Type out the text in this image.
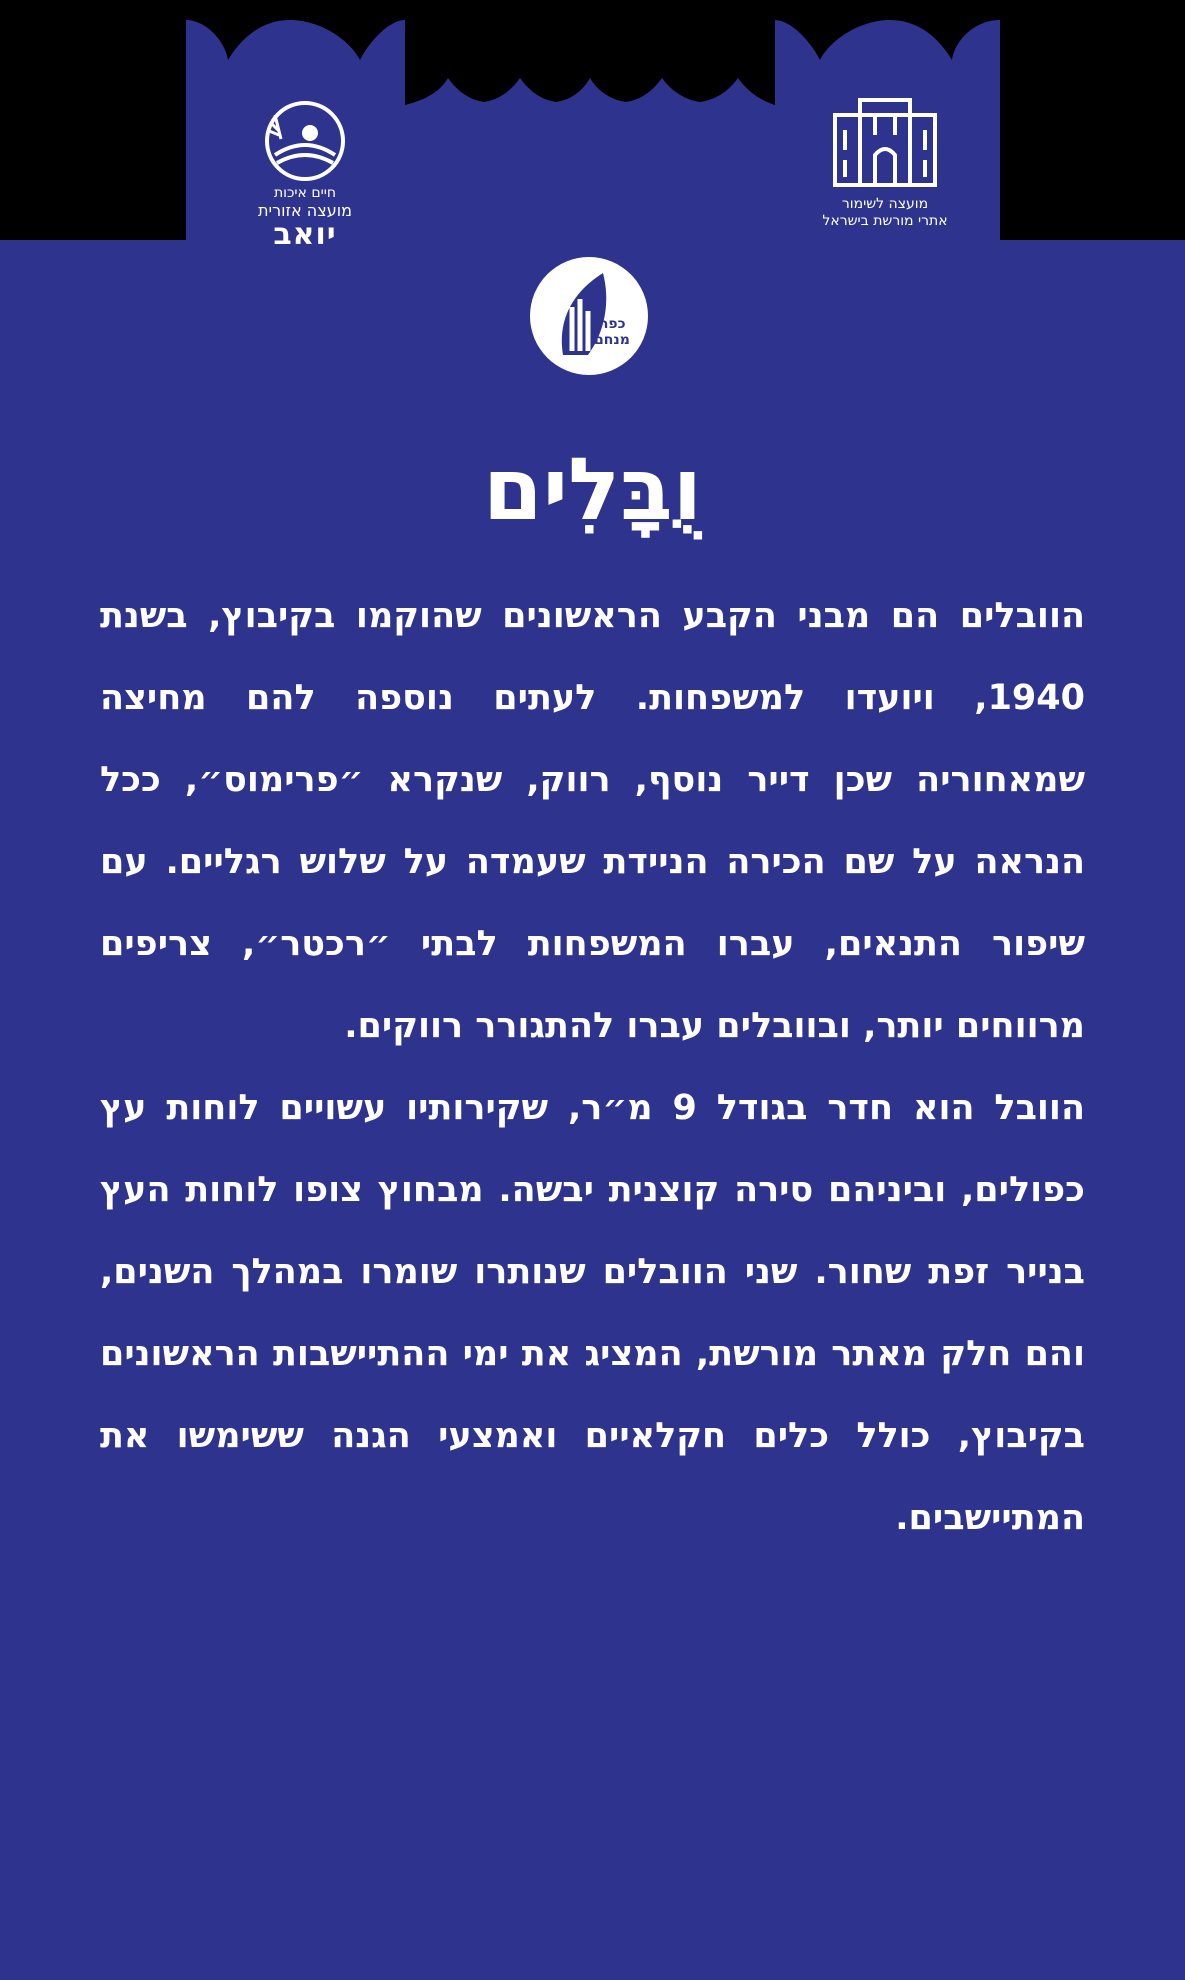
חיים איכות
מועצה אזורית
יואב
מועצה לשימור
אתרי מורשת בישראל
כפר
מנחם
וֻבָּלִים

הוובלים הם מבני הקבע הראשונים שהוקמו בקיבוץ, בשנת 1940, ויועדו למשפחות. לעתים נוספה להם מחיצה שמאחוריה שכן דייר נוסף, רווק, שנקרא ״פרימוס״, ככל הנראה על שם הכירה הניידת שעמדה על שלוש רגליים. עם שיפור התנאים, עברו המשפחות לבתי ״רכטר״, צריפים מרווחים יותר, ובוובלים עברו להתגורר רווקים.

הוובל הוא חדר בגודל 9 מ״ר, שקירותיו עשויים לוחות עץ כפולים, וביניהם סירה קוצנית יבשה. מבחוץ צופו לוחות העץ בנייר זפת שחור. שני הוובלים שנותרו שומרו במהלך השנים, והם חלק מאתר מורשת, המציג את ימי ההתיישבות הראשונים בקיבוץ, כולל כלים חקלאיים ואמצעי הגנה ששימשו את המתיישבים.
